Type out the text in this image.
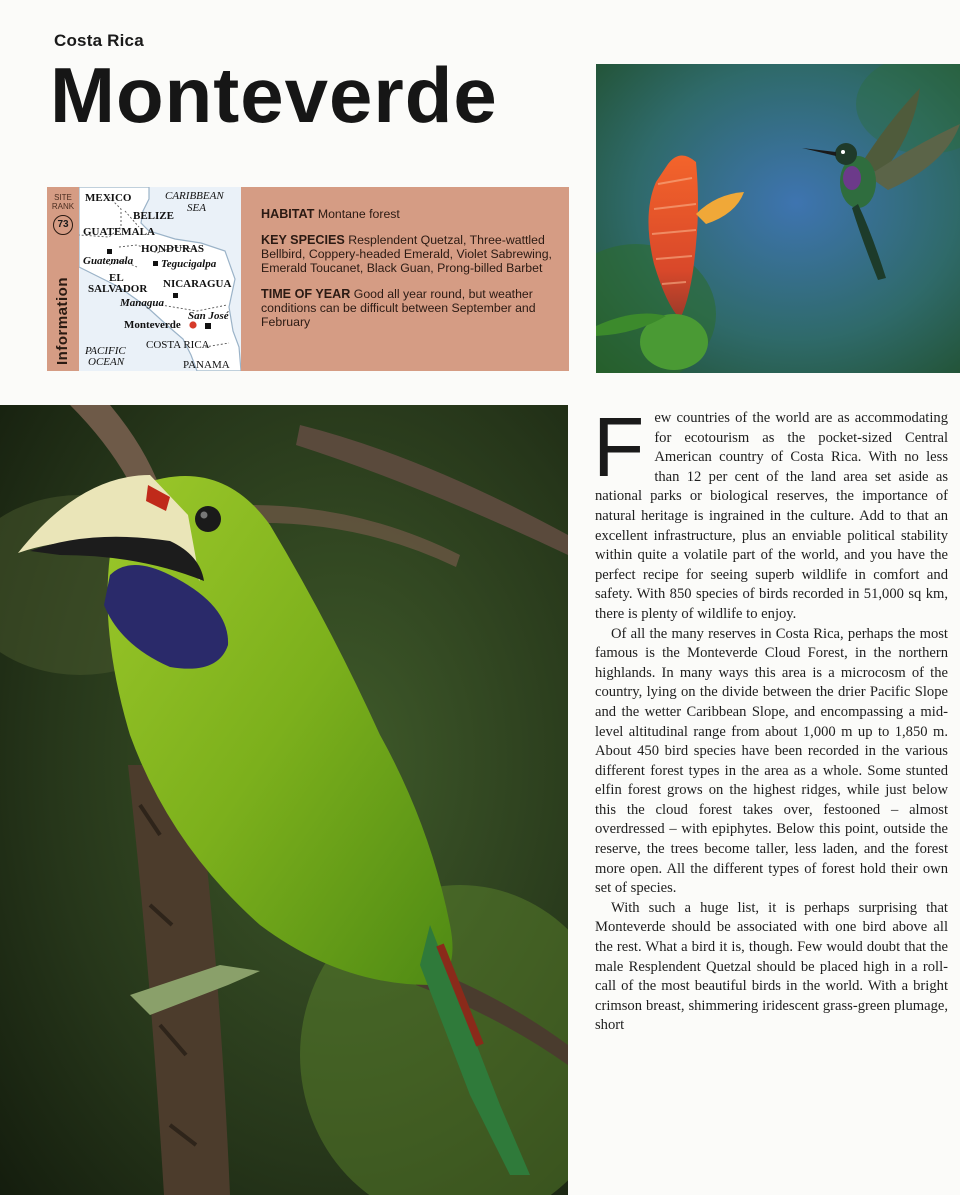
Costa Rica
Monteverde
SITE RANK
73
Information
MEXICO	CARIBBEAN
SEA
BELIZE
GUATEMALA
HONDURAS
Guatemala	Tegucigalpa
EL
SALVADOR NICARAGUA
Managua
San José
Monteverde
PACIFIC
OCEAN
COSTA RICA
PANAMA

HABITAT Montane forest

KEY SPECIES Resplendent Quetzal, Three-wattled Bellbird, Coppery-headed Emerald, Violet Sabrewing, Emerald Toucanet, Black Guan, Prong-billed Barbet

TIME OF YEAR Good all year round, but weather conditions can be difficult between September and February

Few countries of the world are as accommodating for ecotourism as the pocket-sized Central American country of Costa Rica. With no less than 12 per cent of the land area set aside as national parks or biological reserves, the importance of natural heritage is ingrained in the culture. Add to that an excellent infrastructure, plus an enviable political stability within quite a volatile part of the world, and you have the perfect recipe for seeing superb wildlife in comfort and safety. With 850 species of birds recorded in 51,000 sq km, there is plenty of wildlife to enjoy.

Of all the many reserves in Costa Rica, perhaps the most famous is the Monteverde Cloud Forest, in the northern highlands. In many ways this area is a microcosm of the country, lying on the divide between the drier Pacific Slope and the wetter Caribbean Slope, and encompassing a mid-level altitudinal range from about 1,000 m up to 1,850 m. About 450 bird species have been recorded in the various different forest types in the area as a whole. Some stunted elfin forest grows on the highest ridges, while just below this the cloud forest takes over, festooned – almost overdressed – with epiphytes. Below this point, outside the reserve, the trees become taller, less laden, and the forest more open. All the different types of forest hold their own set of species.

With such a huge list, it is perhaps surprising that Monteverde should be associated with one bird above all the rest. What a bird it is, though. Few would doubt that the male Resplendent Quetzal should be placed high in a roll-call of the most beautiful birds in the world. With a bright crimson breast, shimmering iridescent grass-green plumage, short
